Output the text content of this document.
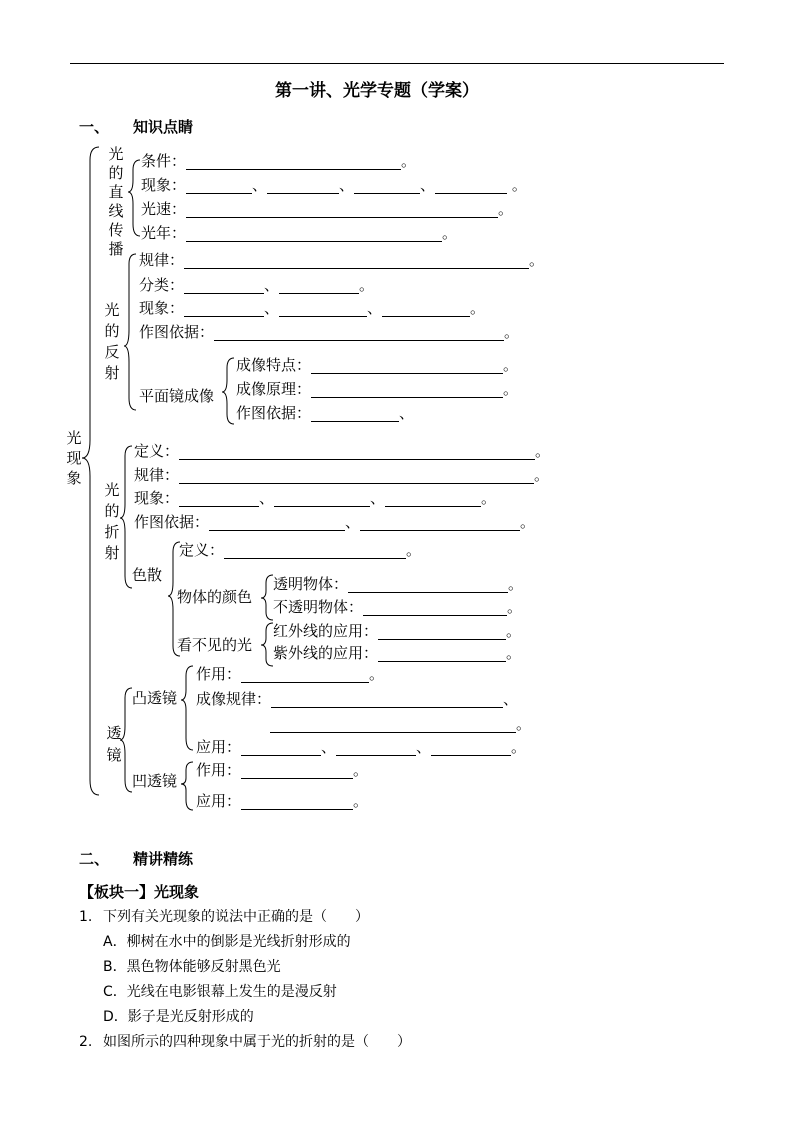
第一讲、光学专题（学案）
一、 知识点睛
光现象
光的直线传播
光的反射
光的折射
透镜
条件：	。
现象：	、	、	、	。
光速：	。
光年：	。
规律：	。
分类：	、	。
现象：	、	、	。
作图依据：	。
平面镜成像
成像特点：	。
成像原理：	。
作图依据：	、
定义：	。
规律：	。
现象：	、	、	。
作图依据：	、	。
色散
定义：	。
物体的颜色
透明物体：	。
不透明物体：	。
看不见的光
红外线的应用：	。
紫外线的应用：	。
凸透镜
作用：	。
成像规律：	、
。
应用：	、	、	。
凹透镜
作用：	。
应用：	。
二、 精讲精练
【板块一】光现象
1. 下列有关光现象的说法中正确的是（　　）
A．柳树在水中的倒影是光线折射形成的
B．黑色物体能够反射黑色光
C．光线在电影银幕上发生的是漫反射
D．影子是光反射形成的
2. 如图所示的四种现象中属于光的折射的是（　　）
